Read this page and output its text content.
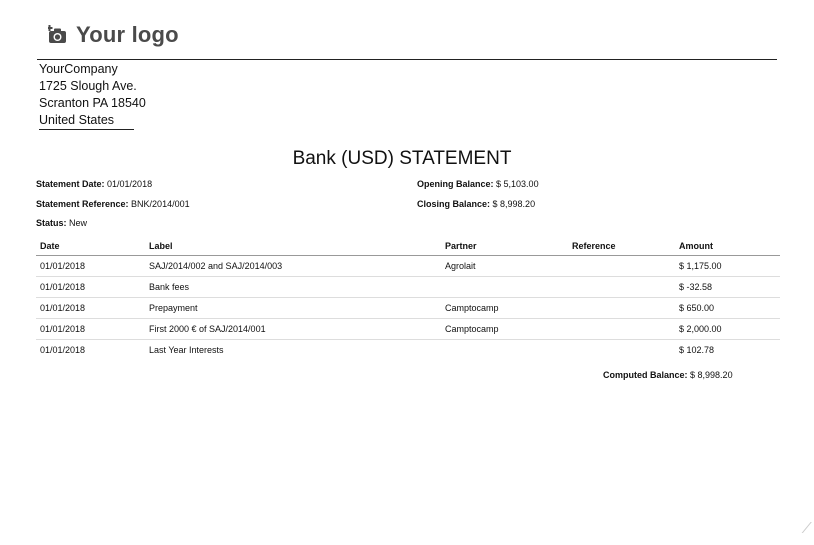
Your logo
YourCompany
1725 Slough Ave.
Scranton PA 18540
United States
Bank (USD) STATEMENT
Statement Date: 01/01/2018
Statement Reference: BNK/2014/001
Status: New
Opening Balance: $ 5,103.00
Closing Balance: $ 8,998.20
Date	Label	Partner	Reference	Amount
01/01/2018	SAJ/2014/002 and SAJ/2014/003	Agrolait		$ 1,175.00
01/01/2018	Bank fees			$ -32.58
01/01/2018	Prepayment	Camptocamp		$ 650.00
01/01/2018	First 2000 € of SAJ/2014/001	Camptocamp		$ 2,000.00
01/01/2018	Last Year Interests			$ 102.78
Computed Balance: $ 8,998.20
⁄
